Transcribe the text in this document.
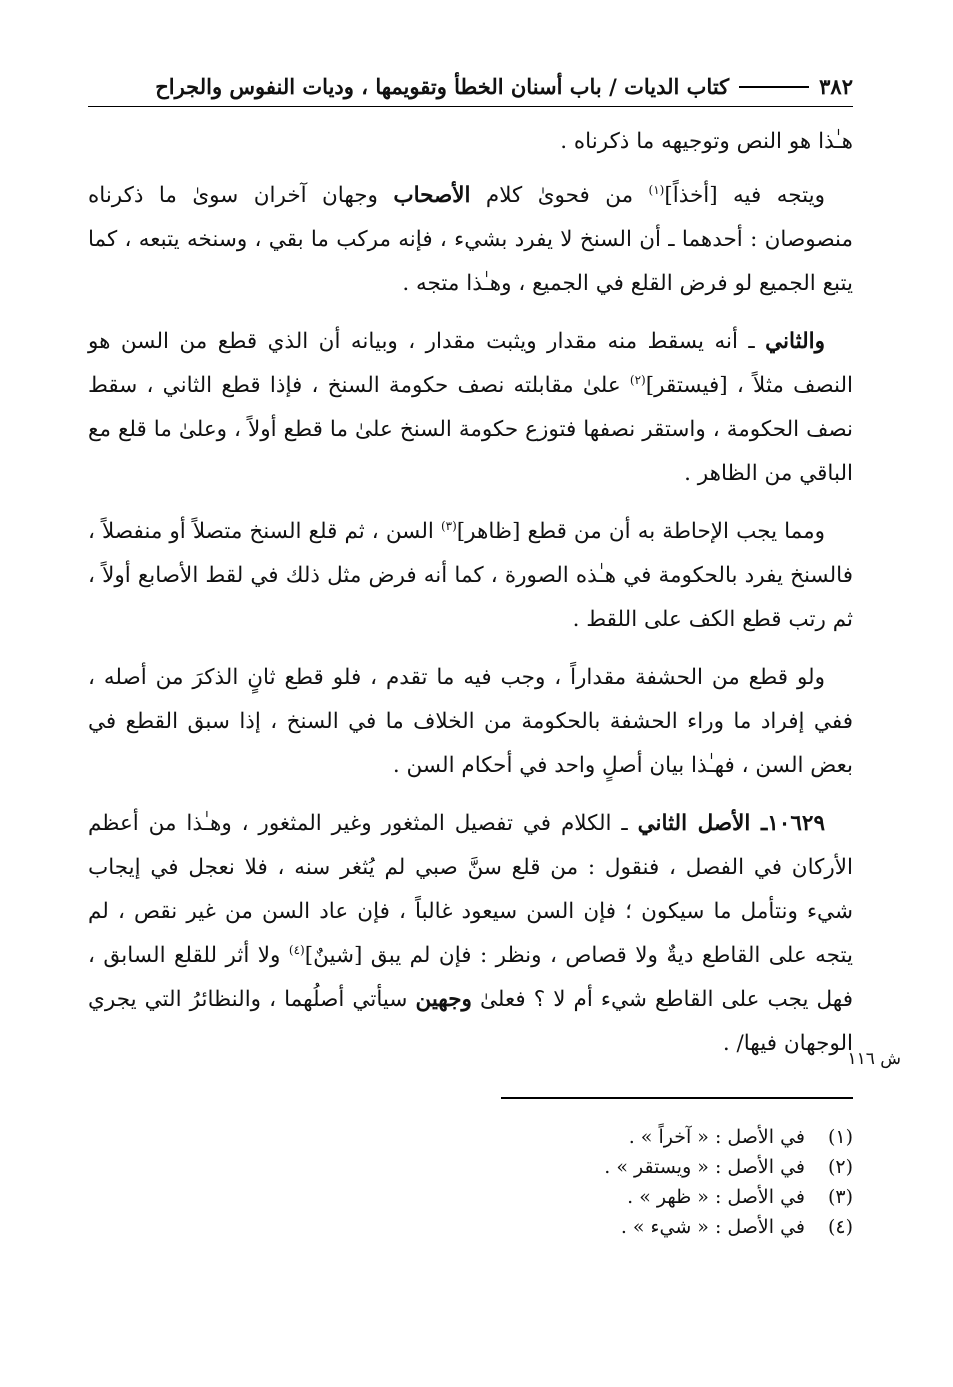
٣٨٢
كتاب الديات / باب أسنان الخطأ وتقويمها ، وديات النفوس والجراح

هـٰذا هو النص وتوجيهه ما ذكرناه .

ويتجه فيه [أخذاً]$^{(١)}$ من فحوىٰ كلام الأصحاب وجهان آخران سوىٰ ما ذكرناه منصوصان : أحدهما ـ أن السنخ لا يفرد بشيء ، فإنه مركب ما بقي ، وسنخه يتبعه ، كما يتبع الجميع لو فرض القلع في الجميع ، وهـٰذا متجه .

والثاني ـ أنه يسقط منه مقدار ويثبت مقدار ، وبيانه أن الذي قطع من السن هو النصف مثلاً ، [فيستقر]$^{(٢)}$ علىٰ مقابلته نصف حكومة السنخ ، فإذا قطع الثاني ، سقط نصف الحكومة ، واستقر نصفها فتوزع حكومة السنخ علىٰ ما قطع أولاً ، وعلىٰ ما قلع مع الباقي من الظاهر .

ومما يجب الإحاطة به أن من قطع [ظاهر]$^{(٣)}$ السن ، ثم قلع السنخ متصلاً أو منفصلاً ، فالسنخ يفرد بالحكومة في هـٰذه الصورة ، كما أنه فرض مثل ذلك في لقط الأصابع أولاً ، ثم رتب قطع الكف على اللقط .

ولو قطع من الحشفة مقداراً ، وجب فيه ما تقدم ، فلو قطع ثانٍ الذكرَ من أصله ، ففي إفراد ما وراء الحشفة بالحكومة من الخلاف ما في السنخ ، إذا سبق القطع في بعض السن ، فهـٰذا بيان أصلٍ واحد في أحكام السن .

١٠٦٢٩ـ الأصل الثاني ـ الكلام في تفصيل المثغور وغير المثغور ، وهـٰذا من أعظم الأركان في الفصل ، فنقول : من قلع سنَّ صبي لم يُثغر سنه ، فلا نعجل في إيجاب شيء ونتأمل ما سيكون ؛ فإن السن سيعود غالباً ، فإن عاد السن من غير نقص ، لم يتجه على القاطع ديةٌ ولا قصاص ، ونظر : فإن لم يبق [شينٌ]$^{(٤)}$ ولا أثر للقلع السابق ، فهل يجب على القاطع شيء أم لا ؟ فعلىٰ وجهين سيأتي أصلُهما ، والنظائرُ التي يجري الوجهان فيها/ .

ش ١١٦
(١)
في الأصل : « آخراً » .
(٢)
في الأصل : « ويستقر » .
(٣)
في الأصل : « ظهر » .
(٤)
في الأصل : « شيء » .
